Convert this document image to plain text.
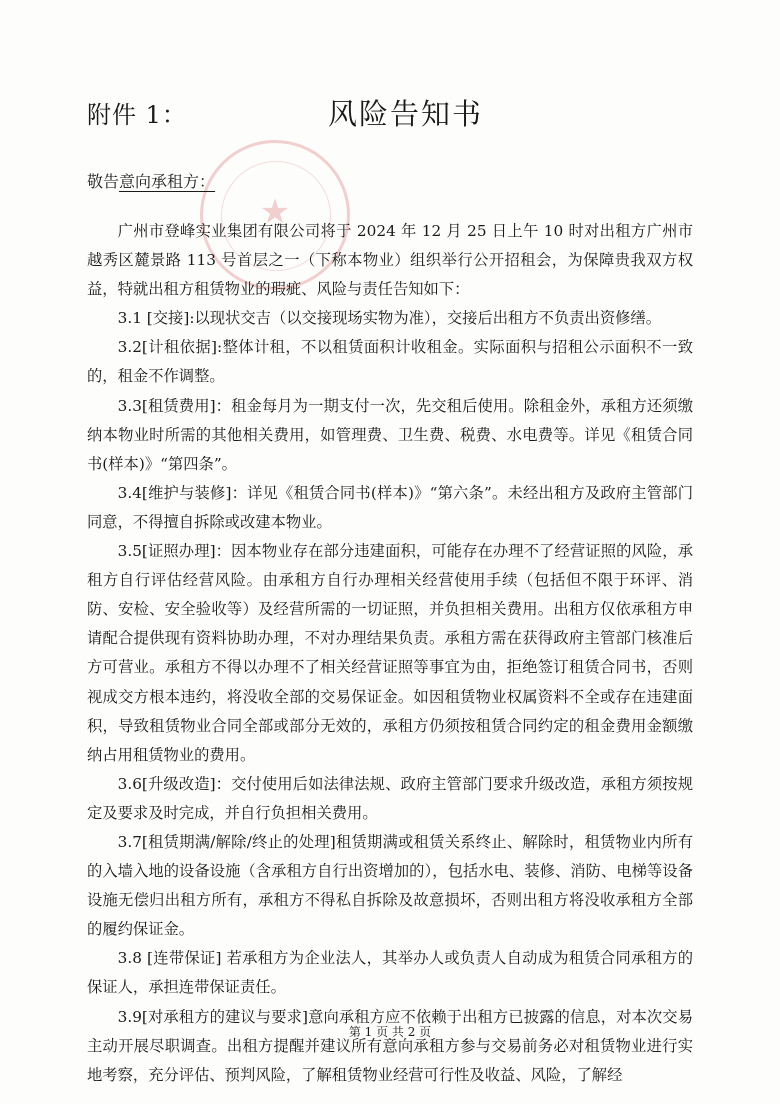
★
附件 1：	风险告知书
敬告意向承租方：

广州市登峰实业集团有限公司将于 2024 年 12 月 25 日上午 10 时对出租方广州市越秀区麓景路 113 号首层之一（下称本物业）组织举行公开招租会，为保障贵我双方权益，特就出租方租赁物业的瑕疵、风险与责任告知如下：

3.1 [交接]:以现状交吉（以交接现场实物为准），交接后出租方不负责出资修缮。

3.2[计租依据]:整体计租，不以租赁面积计收租金。实际面积与招租公示面积不一致的，租金不作调整。

3.3[租赁费用]：租金每月为一期支付一次，先交租后使用。除租金外，承租方还须缴纳本物业时所需的其他相关费用，如管理费、卫生费、税费、水电费等。详见《租赁合同书(样本)》“第四条”。

3.4[维护与装修]：详见《租赁合同书(样本)》“第六条”。未经出租方及政府主管部门同意，不得擅自拆除或改建本物业。

3.5[证照办理]：因本物业存在部分违建面积，可能存在办理不了经营证照的风险，承租方自行评估经营风险。由承租方自行办理相关经营使用手续（包括但不限于环评、消防、安检、安全验收等）及经营所需的一切证照，并负担相关费用。出租方仅依承租方申请配合提供现有资料协助办理，不对办理结果负责。承租方需在获得政府主管部门核准后方可营业。承租方不得以办理不了相关经营证照等事宜为由，拒绝签订租赁合同书，否则视成交方根本违约，将没收全部的交易保证金。如因租赁物业权属资料不全或存在违建面积，导致租赁物业合同全部或部分无效的，承租方仍须按租赁合同约定的租金费用金额缴纳占用租赁物业的费用。

3.6[升级改造]：交付使用后如法律法规、政府主管部门要求升级改造，承租方须按规定及要求及时完成，并自行负担相关费用。

3.7[租赁期满/解除/终止的处理]租赁期满或租赁关系终止、解除时，租赁物业内所有的入墙入地的设备设施（含承租方自行出资增加的），包括水电、装修、消防、电梯等设备设施无偿归出租方所有，承租方不得私自拆除及故意损坏，否则出租方将没收承租方全部的履约保证金。

3.8 [连带保证] 若承租方为企业法人，其举办人或负责人自动成为租赁合同承租方的保证人，承担连带保证责任。

3.9[对承租方的建议与要求]意向承租方应不依赖于出租方已披露的信息，对本次交易主动开展尽职调查。出租方提醒并建议所有意向承租方参与交易前务必对租赁物业进行实地考察，充分评估、预判风险，了解租赁物业经营可行性及收益、风险，了解经

第 1 页 共 2 页
